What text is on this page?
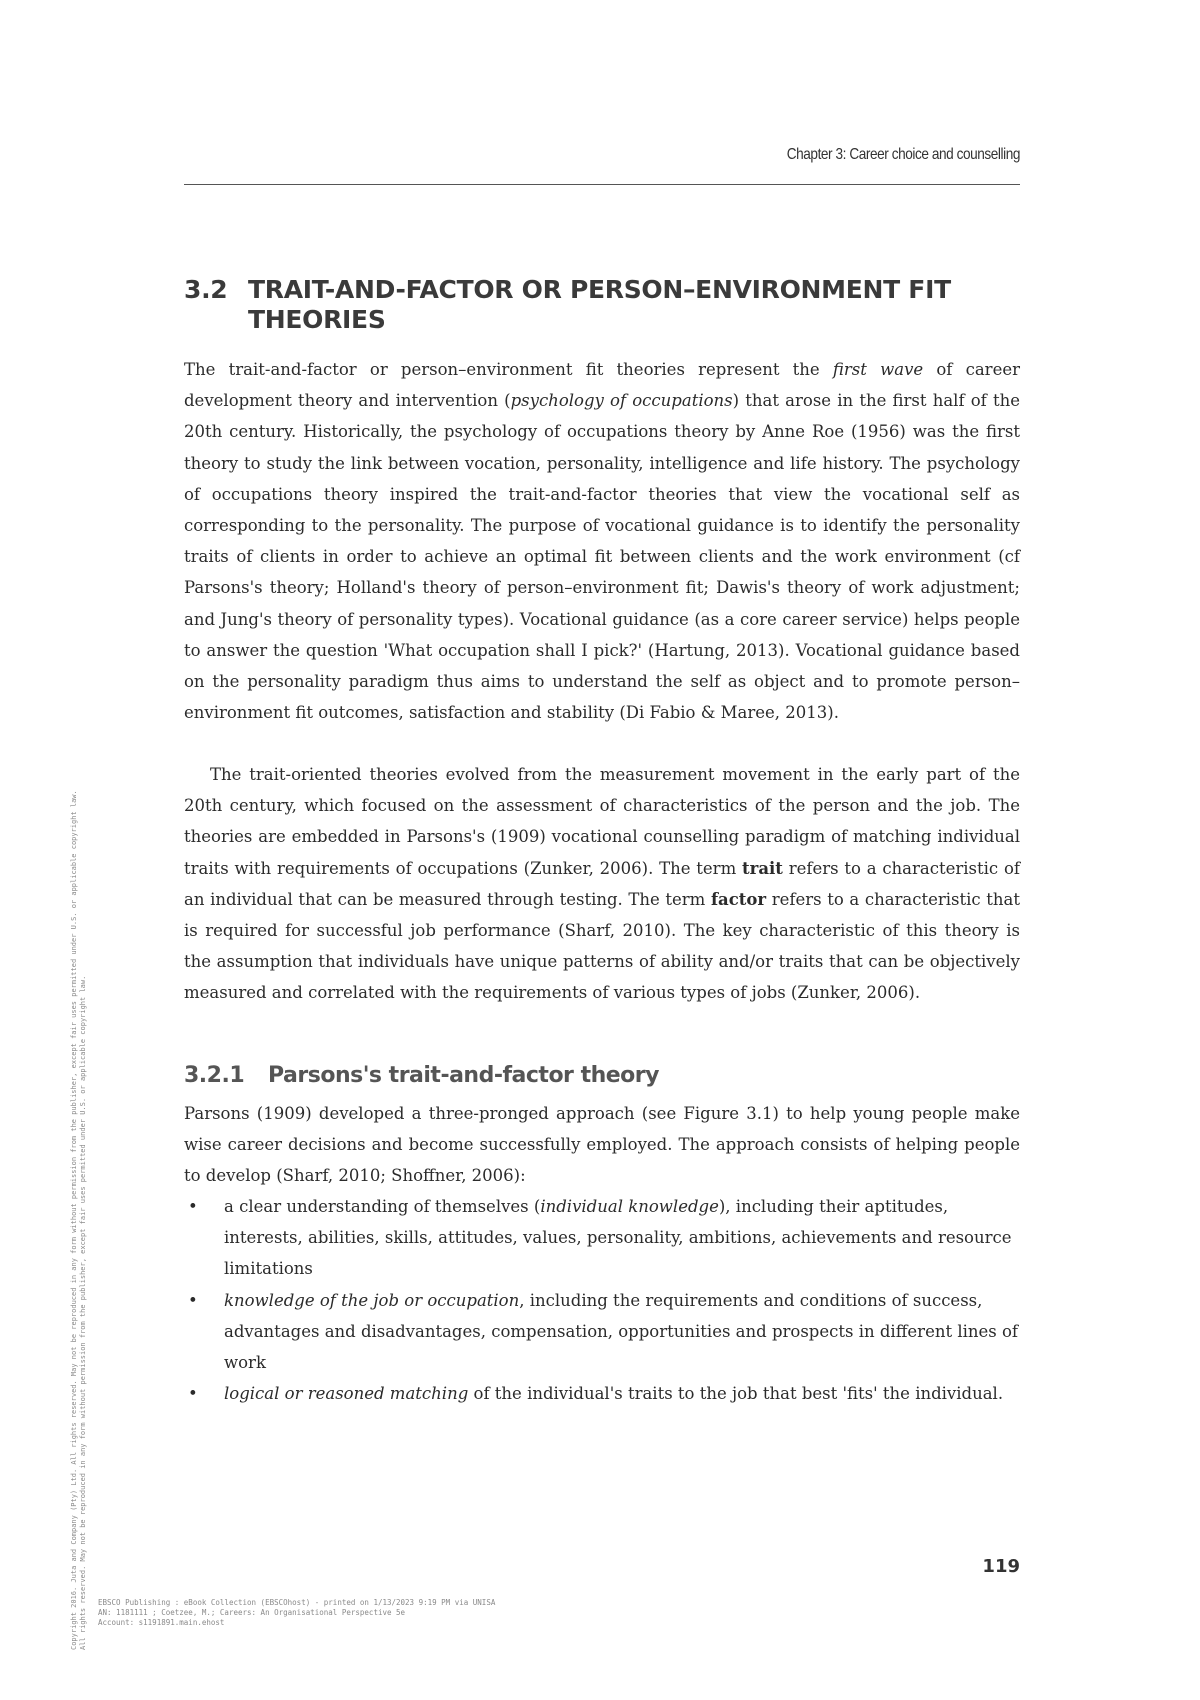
Chapter 3: Career choice and counselling
3.2 TRAIT-AND-FACTOR OR PERSON–ENVIRONMENT FIT
THEORIES

The trait-and-factor or person–environment fit theories represent the first wave of career development theory and intervention (psychology of occupations) that arose in the first half of the 20th century. Historically, the psychology of occupations theory by Anne Roe (1956) was the first theory to study the link between vocation, personality, intelligence and life history. The psychology of occupations theory inspired the trait-and-factor theories that view the vocational self as corresponding to the personality. The purpose of vocational guidance is to identify the personality traits of clients in order to achieve an optimal fit between clients and the work environment (cf Parsons's theory; Holland's theory of person–environment fit; Dawis's theory of work adjustment; and Jung's theory of personality types). Vocational guidance (as a core career service) helps people to answer the question 'What occupation shall I pick?' (Hartung, 2013). Vocational guidance based on the personality paradigm thus aims to understand the self as object and to promote person–environment fit outcomes, satisfaction and stability (Di Fabio & Maree, 2013).

The trait-oriented theories evolved from the measurement movement in the early part of the 20th century, which focused on the assessment of characteristics of the person and the job. The theories are embedded in Parsons's (1909) vocational counselling paradigm of matching individual traits with requirements of occupations (Zunker, 2006). The term trait refers to a characteristic of an individual that can be measured through testing. The term factor refers to a characteristic that is required for successful job performance (Sharf, 2010). The key characteristic of this theory is the assumption that individuals have unique patterns of ability and/or traits that can be objectively measured and correlated with the requirements of various types of jobs (Zunker, 2006).

3.2.1 Parsons's trait-and-factor theory

Parsons (1909) developed a three-pronged approach (see Figure 3.1) to help young people make wise career decisions and become successfully employed. The approach consists of helping people to develop (Sharf, 2010; Shoffner, 2006):

• a clear understanding of themselves (individual knowledge), including their aptitudes, interests, abilities, skills, attitudes, values, personality, ambitions, achievements and resource limitations
• knowledge of the job or occupation, including the requirements and conditions of success, advantages and disadvantages, compensation, opportunities and prospects in different lines of work
• logical or reasoned matching of the individual's traits to the job that best 'fits' the individual.
119
Copyright 2016. Juta and Company (Pty) Ltd. All rights reserved. May not be reproduced in any form without permission from the publisher, except fair uses permitted under U.S. or applicable copyright law. All rights reserved. May not be reproduced in any form without permission from the publisher, except fair uses permitted under U.S. or applicable copyright law. EBSCO Publishing : eBook Collection (EBSCOhost) - printed on 1/13/2023 9:19 PM via UNISA
AN: 1181111 ; Coetzee, M.; Careers: An Organisational Perspective 5e
Account: s1191891.main.ehost
